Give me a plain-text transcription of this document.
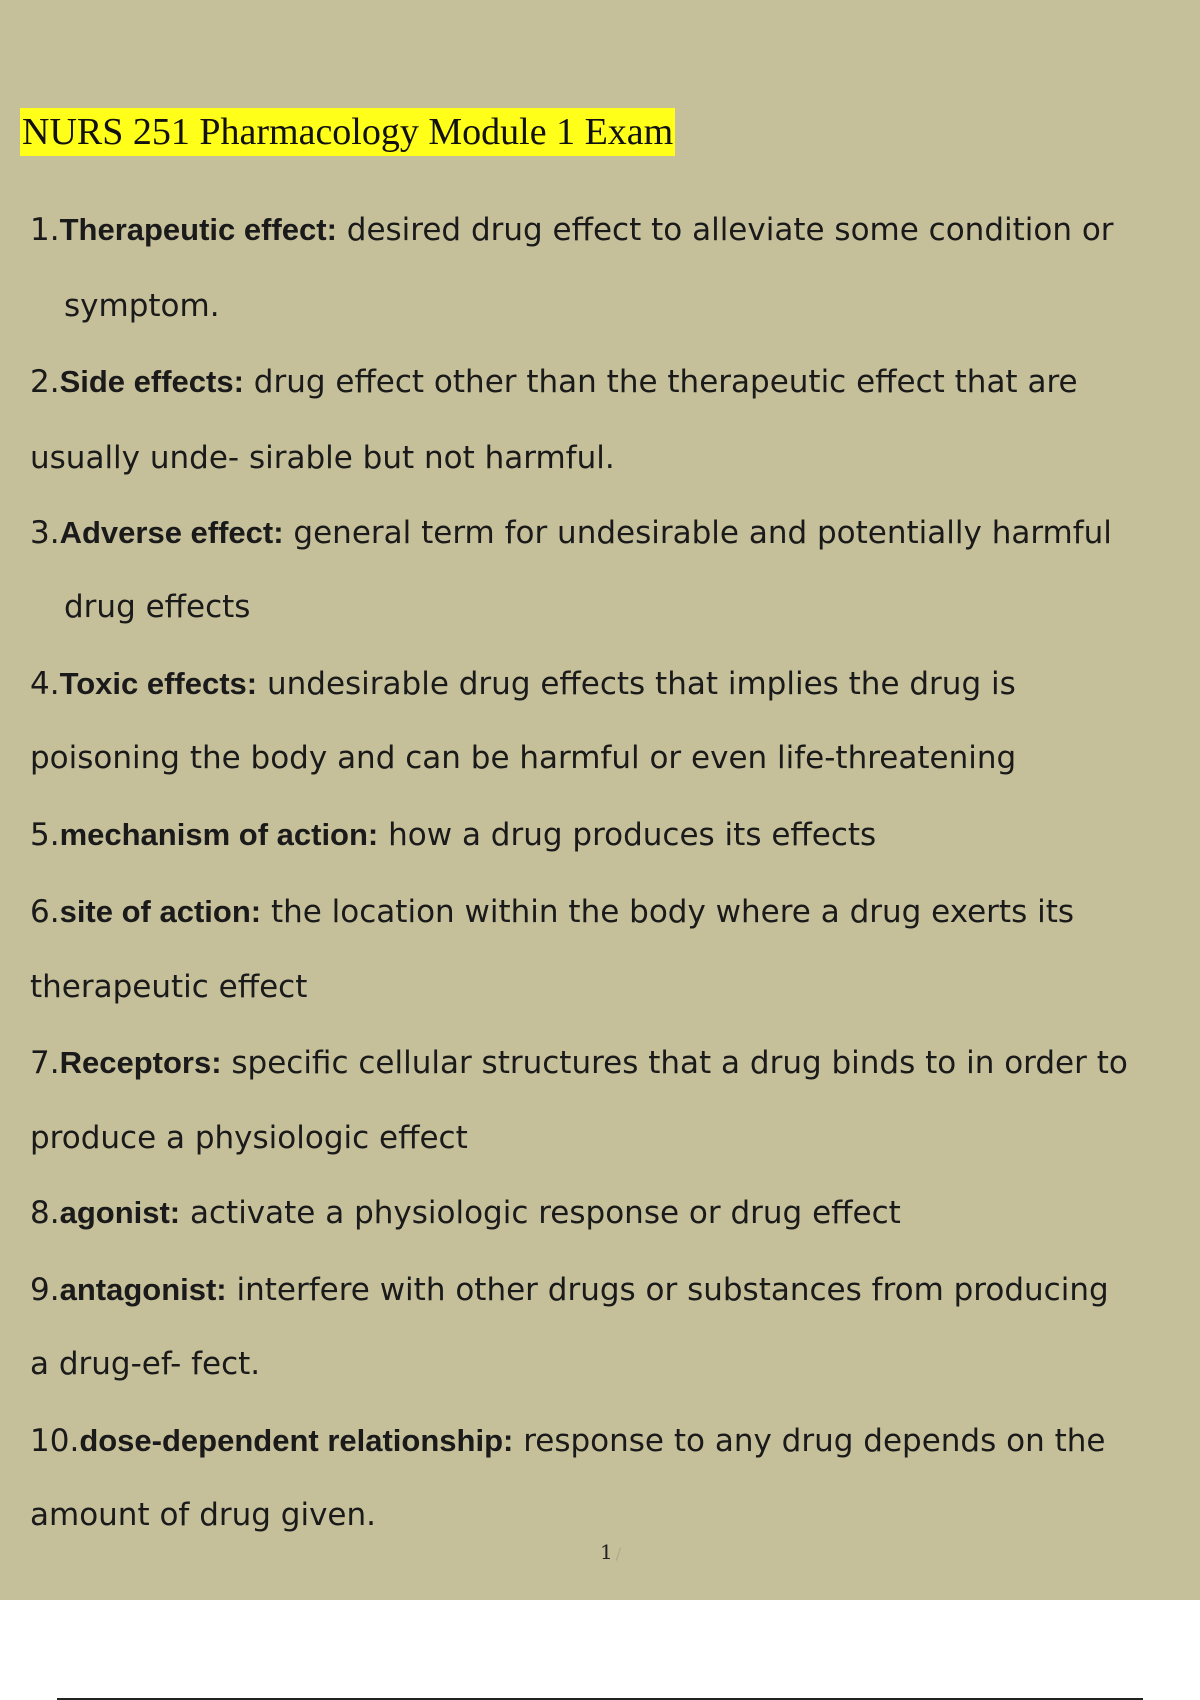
NURS 251 Pharmacology Module 1 Exam
1.Therapeutic effect: desired drug effect to alleviate some condition or
symptom.
2.Side effects: drug effect other than the therapeutic effect that are
usually unde- sirable but not harmful.
3.Adverse effect: general term for undesirable and potentially harmful
drug effects
4.Toxic effects: undesirable drug effects that implies the drug is
poisoning the body and can be harmful or even life-threatening
5.mechanism of action: how a drug produces its effects
6.site of action: the location within the body where a drug exerts its
therapeutic effect
7.Receptors: specific cellular structures that a drug binds to in order to
produce a physiologic effect
8.agonist: activate a physiologic response or drug effect
9.antagonist: interfere with other drugs or substances from producing
a drug-ef- fect.
10.dose-dependent relationship: response to any drug depends on the
amount of drug given.
1 /
